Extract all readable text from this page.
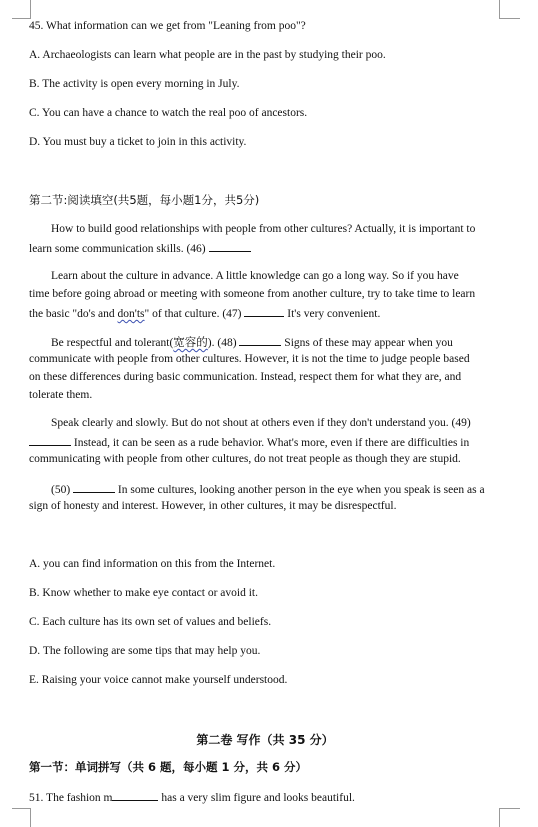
45. What information can we get from "Leaning from poo"?
A. Archaeologists can learn what people are in the past by studying their poo.
B. The activity is open every morning in July.
C. You can have a chance to watch the real poo of ancestors.
D. You must buy a ticket to join in this activity.
第二节:阅读填空(共5题，每小题1分，共5分)
How to build good relationships with people from other cultures? Actually, it is important to
learn some communication skills. (46)
Learn about the culture in advance. A little knowledge can go a long way. So if you have
time before going abroad or meeting with someone from another culture, try to take time to learn
the basic "do's and don'ts" of that culture. (47)	It's very convenient.
Be respectful and tolerant(宽容的). (48)	Signs of these may appear when you
communicate with people from other cultures. However, it is not the time to judge people based
on these differences during basic communication. Instead, respect them for what they are, and
tolerate them.
Speak clearly and slowly. But do not shout at others even if they don't understand you. (49)
Instead, it can be seen as a rude behavior. What's more, even if there are difficulties in
communicating with people from other cultures, do not treat people as though they are stupid.
(50)	In some cultures, looking another person in the eye when you speak is seen as a
sign of honesty and interest. However, in other cultures, it may be disrespectful.
A. you can find information on this from the Internet.
B. Know whether to make eye contact or avoid it.
C. Each culture has its own set of values and beliefs.
D. The following are some tips that may help you.
E. Raising your voice cannot make yourself understood.
第二卷 写作（共 35 分）
第一节：单词拼写（共 6 题，每小题 1 分，共 6 分）
51. The fashion m	has a very slim figure and looks beautiful.
